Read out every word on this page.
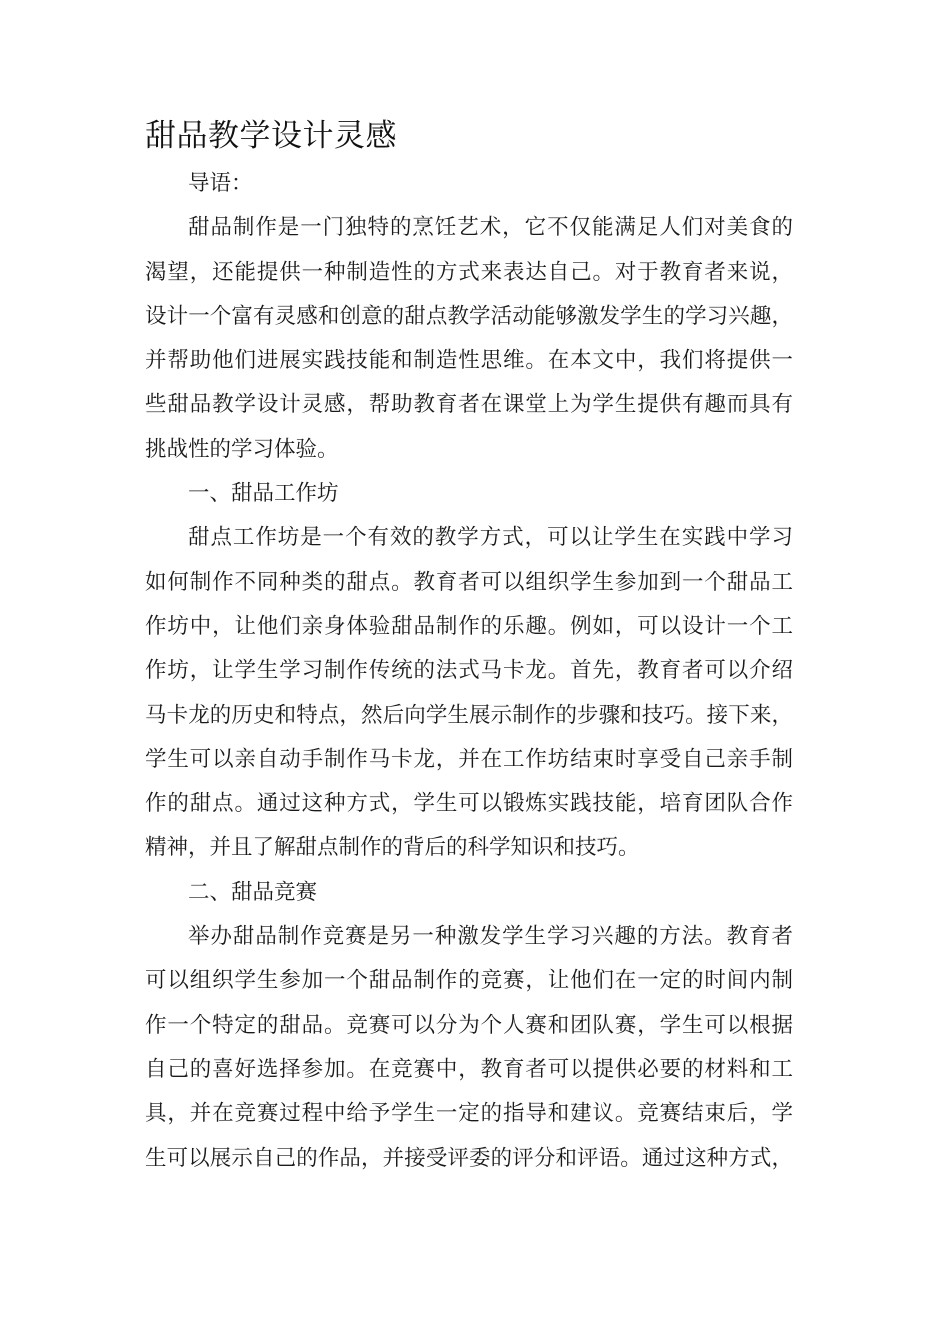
甜品教学设计灵感
导语：
甜品制作是一门独特的烹饪艺术，它不仅能满足人们对美食的
渴望，还能提供一种制造性的方式来表达自己。对于教育者来说，
设计一个富有灵感和创意的甜点教学活动能够激发学生的学习兴趣，
并帮助他们进展实践技能和制造性思维。在本文中，我们将提供一
些甜品教学设计灵感，帮助教育者在课堂上为学生提供有趣而具有
挑战性的学习体验。
一、甜品工作坊
甜点工作坊是一个有效的教学方式，可以让学生在实践中学习
如何制作不同种类的甜点。教育者可以组织学生参加到一个甜品工
作坊中，让他们亲身体验甜品制作的乐趣。例如，可以设计一个工
作坊，让学生学习制作传统的法式马卡龙。首先，教育者可以介绍
马卡龙的历史和特点，然后向学生展示制作的步骤和技巧。接下来，
学生可以亲自动手制作马卡龙，并在工作坊结束时享受自己亲手制
作的甜点。通过这种方式，学生可以锻炼实践技能，培育团队合作
精神，并且了解甜点制作的背后的科学知识和技巧。
二、甜品竞赛
举办甜品制作竞赛是另一种激发学生学习兴趣的方法。教育者
可以组织学生参加一个甜品制作的竞赛，让他们在一定的时间内制
作一个特定的甜品。竞赛可以分为个人赛和团队赛，学生可以根据
自己的喜好选择参加。在竞赛中，教育者可以提供必要的材料和工
具，并在竞赛过程中给予学生一定的指导和建议。竞赛结束后，学
生可以展示自己的作品，并接受评委的评分和评语。通过这种方式，
